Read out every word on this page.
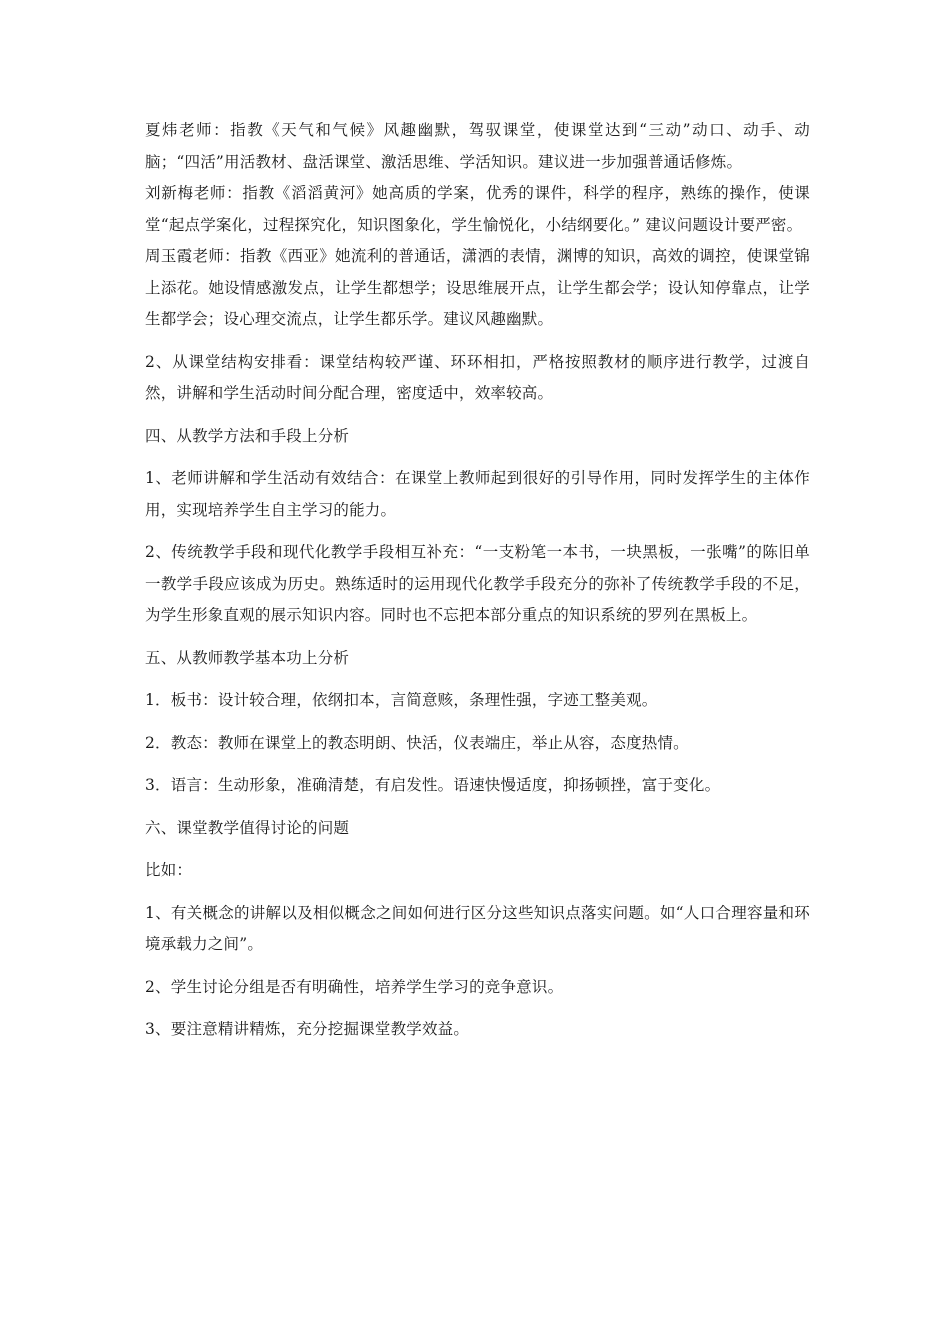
夏炜老师：指教《天气和气候》风趣幽默，驾驭课堂，使课堂达到“三动”动口、动手、动脑；“四活”用活教材、盘活课堂、激活思维、学活知识。建议进一步加强普通话修炼。

刘新梅老师：指教《滔滔黄河》她高质的学案，优秀的课件，科学的程序，熟练的操作，使课堂“起点学案化，过程探究化，知识图象化，学生愉悦化，小结纲要化。” 建议问题设计要严密。

周玉霞老师：指教《西亚》她流利的普通话，潇洒的表情，渊博的知识，高效的调控，使课堂锦上添花。她设情感激发点，让学生都想学；设思维展开点，让学生都会学；设认知停靠点，让学生都学会；设心理交流点，让学生都乐学。建议风趣幽默。

2、从课堂结构安排看：课堂结构较严谨、环环相扣，严格按照教材的顺序进行教学，过渡自然，讲解和学生活动时间分配合理，密度适中，效率较高。

四、从教学方法和手段上分析

1、老师讲解和学生活动有效结合：在课堂上教师起到很好的引导作用，同时发挥学生的主体作用，实现培养学生自主学习的能力。

2、传统教学手段和现代化教学手段相互补充：“一支粉笔一本书，一块黑板，一张嘴”的陈旧单一教学手段应该成为历史。熟练适时的运用现代化教学手段充分的弥补了传统教学手段的不足，为学生形象直观的展示知识内容。同时也不忘把本部分重点的知识系统的罗列在黑板上。

五、从教师教学基本功上分析

1．板书：设计较合理，依纲扣本，言简意赅，条理性强，字迹工整美观。

2．教态：教师在课堂上的教态明朗、快活，仪表端庄，举止从容，态度热情。

3．语言：生动形象，准确清楚，有启发性。语速快慢适度，抑扬顿挫，富于变化。

六、课堂教学值得讨论的问题

比如：

1、有关概念的讲解以及相似概念之间如何进行区分这些知识点落实问题。如“人口合理容量和环境承载力之间”。

2、学生讨论分组是否有明确性，培养学生学习的竞争意识。

3、要注意精讲精炼，充分挖掘课堂教学效益。
